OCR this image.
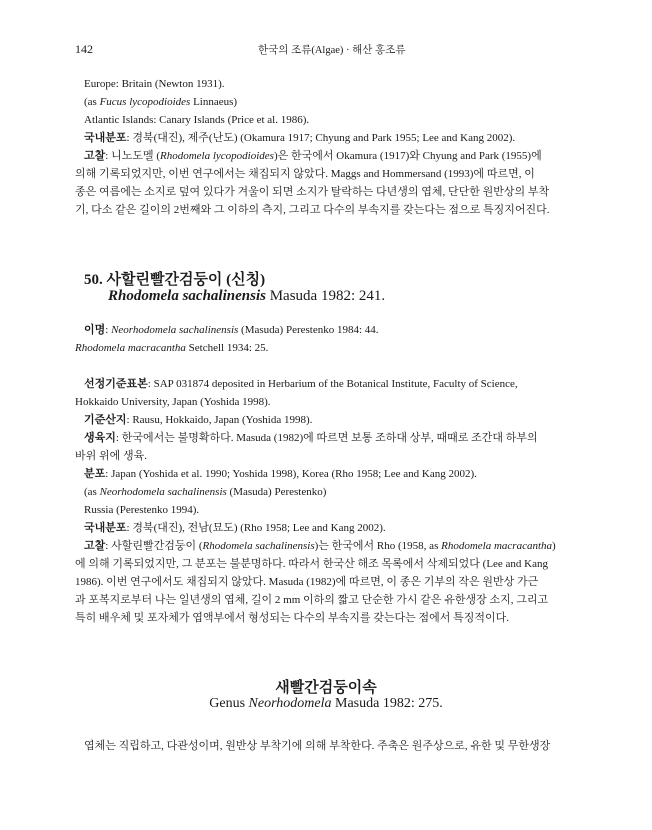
142	한국의 조류(Algae) · 해산 홍조류
Europe: Britain (Newton 1931).
(as Fucus lycopodioides Linnaeus)
Atlantic Islands: Canary Islands (Price et al. 1986).
국내분포: 경북(대진), 제주(난도) (Okamura 1917; Chyung and Park 1955; Lee and Kang 2002).
고찰: 니노도멜 (Rhodomela lycopodioides)은 한국에서 Okamura (1917)와 Chyung and Park (1955)에
의해 기록되었지만, 이번 연구에서는 채집되지 않았다. Maggs and Hommersand (1993)에 따르면, 이
종은 여름에는 소지로 덮여 있다가 겨울이 되면 소지가 탈락하는 다년생의 엽체, 단단한 원반상의 부착
기, 다소 같은 길이의 2번째와 그 이하의 측지, 그리고 다수의 부속지를 갖는다는 점으로 특징지어진다.
50. 사할린빨간검둥이 (신칭)
Rhodomela sachalinensis Masuda 1982: 241.
이명: Neorhodomela sachalinensis (Masuda) Perestenko 1984: 44.
Rhodomela macracantha Setchell 1934: 25.
선정기준표본: SAP 031874 deposited in Herbarium of the Botanical Institute, Faculty of Science,
Hokkaido University, Japan (Yoshida 1998).
기준산지: Rausu, Hokkaido, Japan (Yoshida 1998).
생육지: 한국에서는 불명확하다. Masuda (1982)에 따르면 보통 조하대 상부, 때때로 조간대 하부의
바위 위에 생육.
분포: Japan (Yoshida et al. 1990; Yoshida 1998), Korea (Rho 1958; Lee and Kang 2002).
(as Neorhodomela sachalinensis (Masuda) Perestenko)
Russia (Perestenko 1994).
국내분포: 경북(대진), 전남(묘도) (Rho 1958; Lee and Kang 2002).
고찰: 사할린빨간검둥이 (Rhodomela sachalinensis)는 한국에서 Rho (1958, as Rhodomela macracantha)
에 의해 기록되었지만, 그 분포는 불분명하다. 따라서 한국산 해조 목록에서 삭제되었다 (Lee and Kang
1986). 이번 연구에서도 채집되지 않았다. Masuda (1982)에 따르면, 이 종은 기부의 작은 원반상 가근
과 포복지로부터 나는 일년생의 엽체, 길이 2 mm 이하의 짧고 단순한 가시 같은 유한생장 소지, 그리고
특히 배우체 및 포자체가 엽액부에서 형성되는 다수의 부속지를 갖는다는 점에서 특징적이다.
새빨간검둥이속
Genus Neorhodomela Masuda 1982: 275.
엽체는 직립하고, 다관성이며, 원반상 부착기에 의해 부착한다. 주축은 원주상으로, 유한 및 무한생장
